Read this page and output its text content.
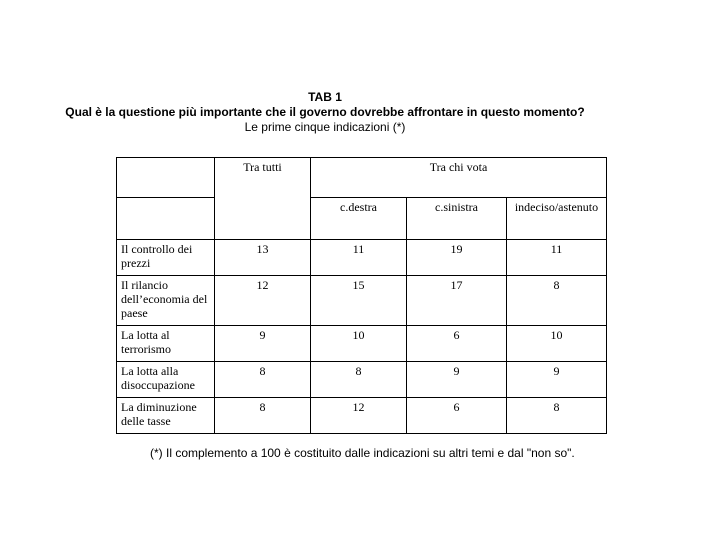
TAB 1
Qual è la questione più importante che il governo dovrebbe affrontare in questo momento?
Le prime cinque indicazioni (*)
	Tra tutti	Tra chi vota		
		c.destra	c.sinistra	indeciso/astenuto
Il controllo dei prezzi	13	11	19	11
Il rilancio dell’economia del paese	12	15	17	8
La lotta al terrorismo	9	10	6	10
La lotta alla disoccupazione	8	8	9	9
La diminuzione delle tasse	8	12	6	8
(*) Il complemento a 100 è costituito dalle indicazioni su altri temi e dal "non so".
